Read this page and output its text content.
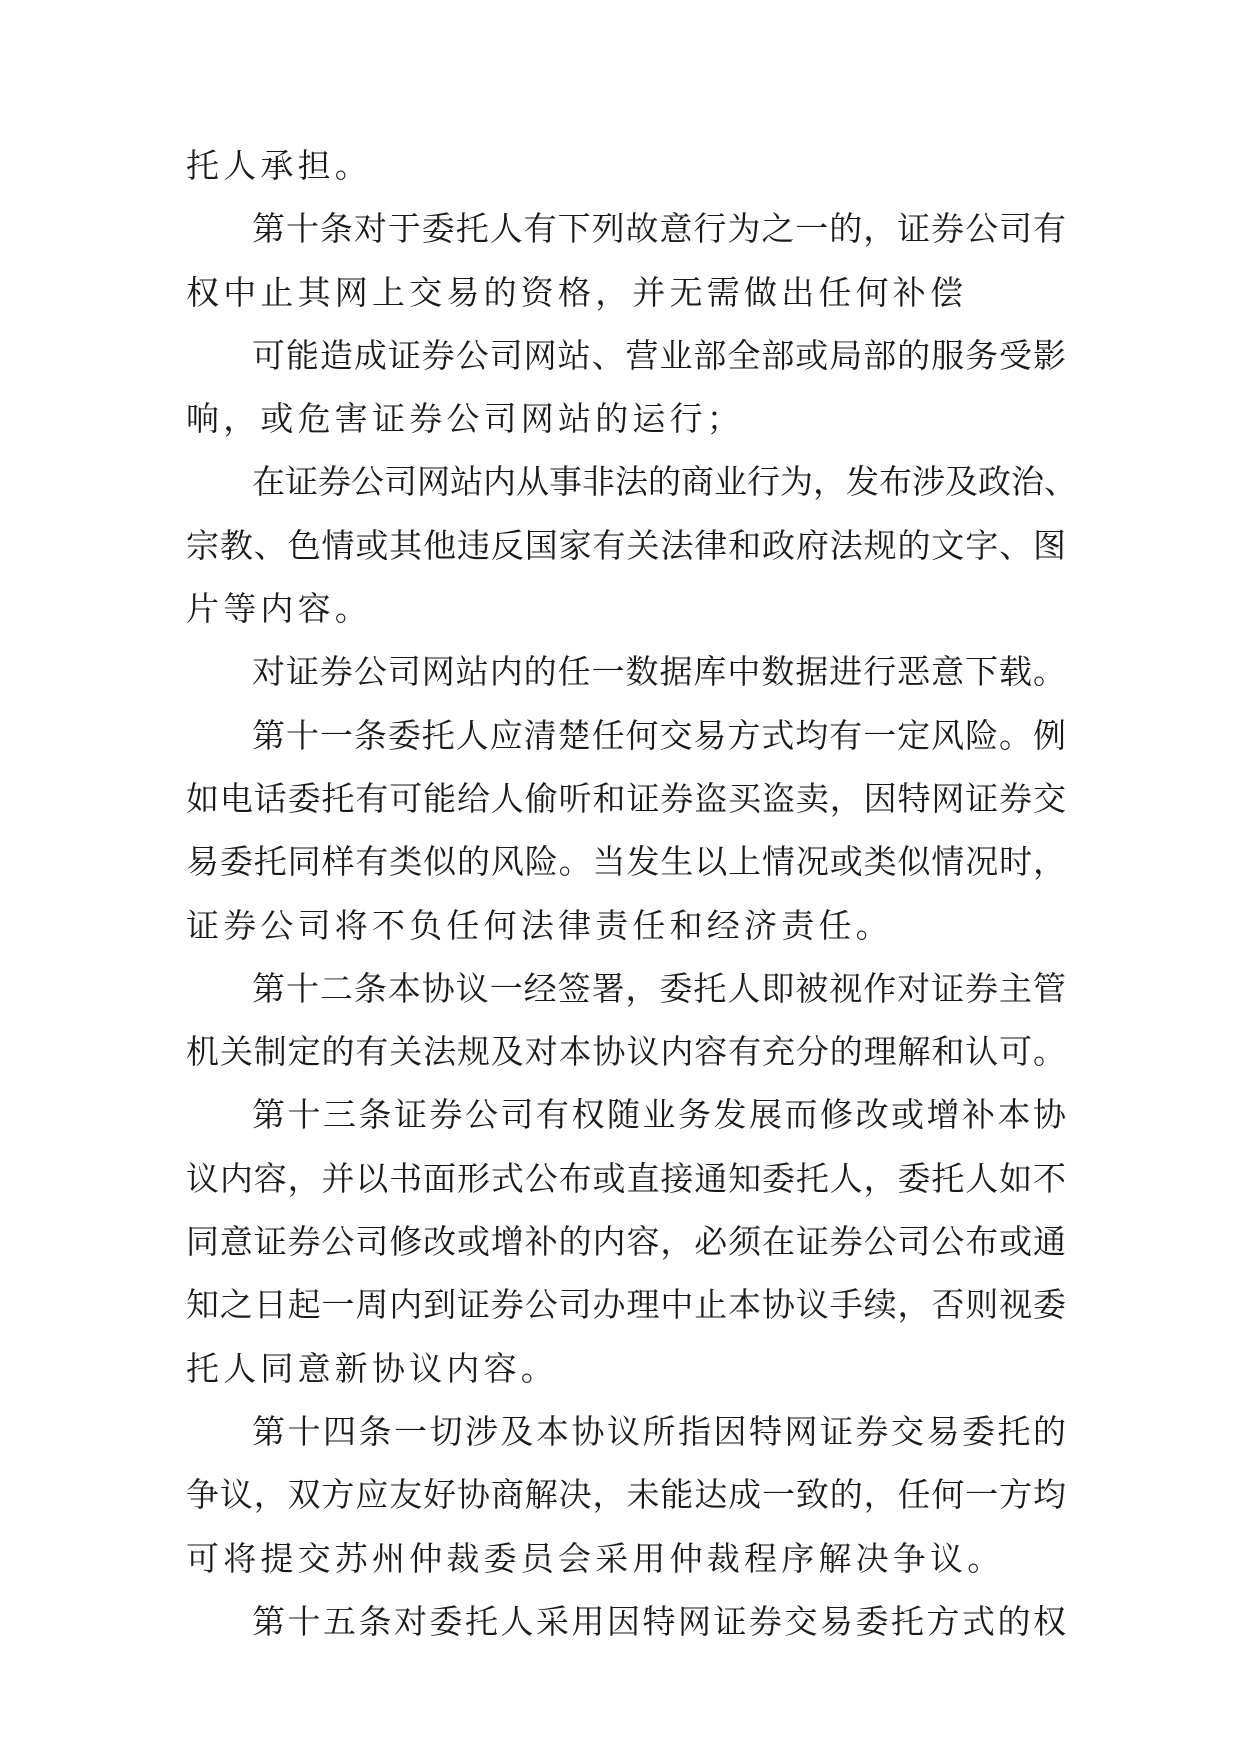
托人承担。
第十条对于委托人有下列故意行为之一的，证券公司有
权中止其网上交易的资格，并无需做出任何补偿
可能造成证券公司网站、营业部全部或局部的服务受影
响，或危害证券公司网站的运行；
在证券公司网站内从事非法的商业行为，发布涉及政治、
宗教、色情或其他违反国家有关法律和政府法规的文字、图
片等内容。
对证券公司网站内的任一数据库中数据进行恶意下载。
第十一条委托人应清楚任何交易方式均有一定风险。例
如电话委托有可能给人偷听和证券盗买盗卖，因特网证券交
易委托同样有类似的风险。当发生以上情况或类似情况时，
证券公司将不负任何法律责任和经济责任。
第十二条本协议一经签署，委托人即被视作对证券主管
机关制定的有关法规及对本协议内容有充分的理解和认可。
第十三条证券公司有权随业务发展而修改或增补本协
议内容，并以书面形式公布或直接通知委托人，委托人如不
同意证券公司修改或增补的内容，必须在证券公司公布或通
知之日起一周内到证券公司办理中止本协议手续，否则视委
托人同意新协议内容。
第十四条一切涉及本协议所指因特网证券交易委托的
争议，双方应友好协商解决，未能达成一致的，任何一方均
可将提交苏州仲裁委员会采用仲裁程序解决争议。
第十五条对委托人采用因特网证券交易委托方式的权
